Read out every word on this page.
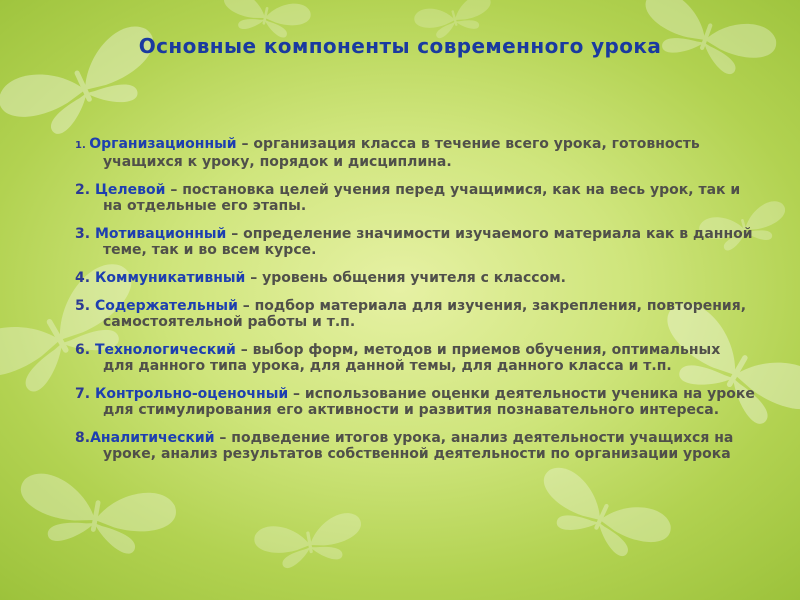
Основные компоненты современного урока
1. Организационный – организация класса в течение всего урока, готовность учащихся к уроку, порядок и дисциплина.
2. Целевой – постановка целей учения перед учащимися, как на весь урок, так и на отдельные его этапы.
3. Мотивационный – определение значимости изучаемого материала как в данной теме, так и во всем курсе.
4. Коммуникативный – уровень общения учителя с классом.
5. Содержательный – подбор материала для изучения, закрепления, повторения, самостоятельной работы и т.п.
6. Технологический – выбор форм, методов и приемов обучения, оптимальных для данного типа урока, для данной темы, для данного класса и т.п.
7. Контрольно-оценочный – использование оценки деятельности ученика на уроке для стимулирования его активности и развития познавательного интереса.
8.Аналитический – подведение итогов урока, анализ деятельности учащихся на уроке, анализ результатов собственной деятельности по организации урока
